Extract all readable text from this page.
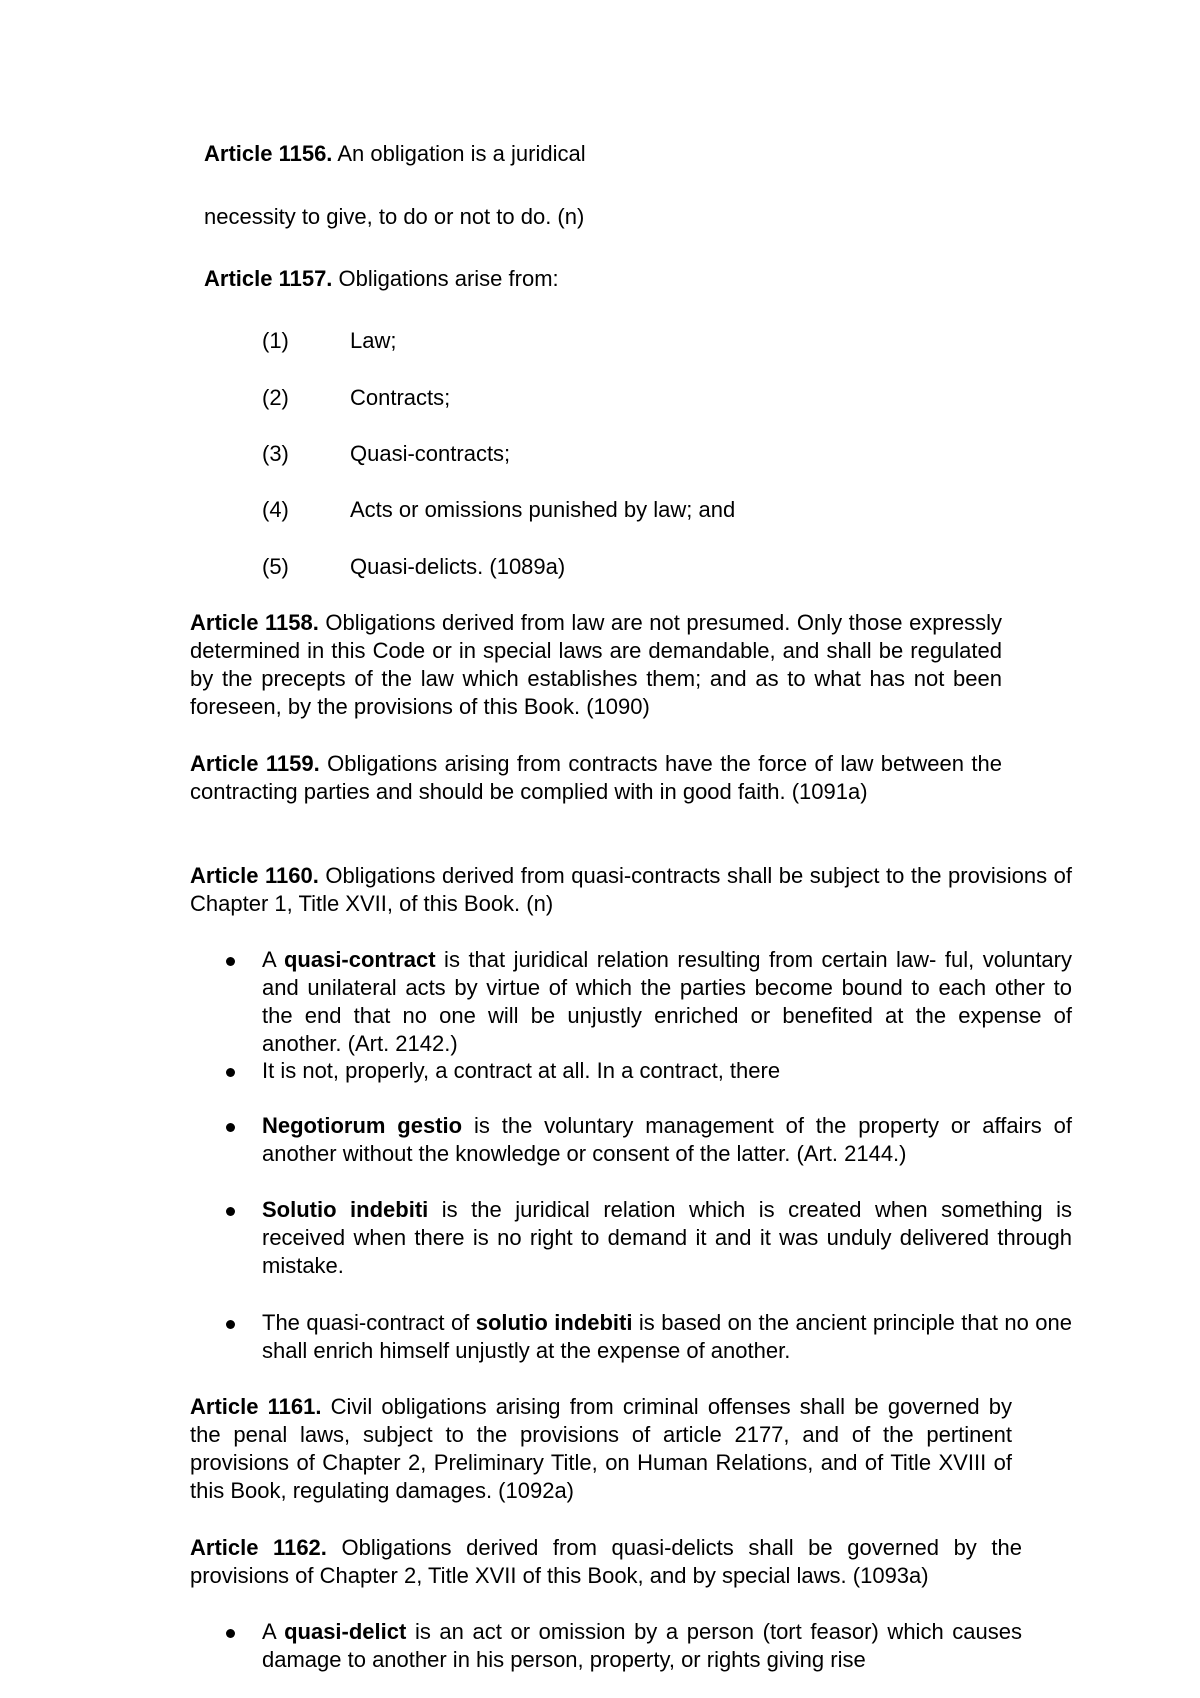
Article 1156. An obligation is a juridical
necessity to give, to do or not to do. (n)
Article 1157. Obligations arise from:
(1)	Law;
(2)	Contracts;
(3)	Quasi-contracts;
(4)	Acts or omissions punished by law; and
(5)	Quasi-delicts. (1089a)

Article 1158. Obligations derived from law are not presumed. Only those expressly determined in this Code or in special laws are demandable, and shall be regulated by the precepts of the law which establishes them; and as to what has not been foreseen, by the provisions of this Book. (1090)

Article 1159. Obligations arising from contracts have the force of law between the contracting parties and should be complied with in good faith. (1091a)

Article 1160. Obligations derived from quasi-contracts shall be subject to the provisions of Chapter 1, Title XVII, of this Book. (n)

A quasi-contract is that juridical relation resulting from certain law- ful, voluntary and unilateral acts by virtue of which the parties become bound to each other to the end that no one will be unjustly enriched or benefited at the expense of another. (Art. 2142.)

It is not, properly, a contract at all. In a contract, there

Negotiorum gestio is the voluntary management of the property or affairs of another without the knowledge or consent of the latter. (Art. 2144.)

Solutio indebiti is the juridical relation which is created when something is received when there is no right to demand it and it was unduly delivered through mistake.

The quasi-contract of solutio indebiti is based on the ancient principle that no one shall enrich himself unjustly at the expense of another.

Article 1161. Civil obligations arising from criminal offenses shall be governed by the penal laws, subject to the provisions of article 2177, and of the pertinent provisions of Chapter 2, Preliminary Title, on Human Relations, and of Title XVIII of this Book, regulating damages. (1092a)

Article 1162. Obligations derived from quasi-delicts shall be governed by the provisions of Chapter 2, Title XVII of this Book, and by special laws. (1093a)

A quasi-delict is an act or omission by a person (tort feasor) which causes damage to another in his person, property, or rights giving rise
